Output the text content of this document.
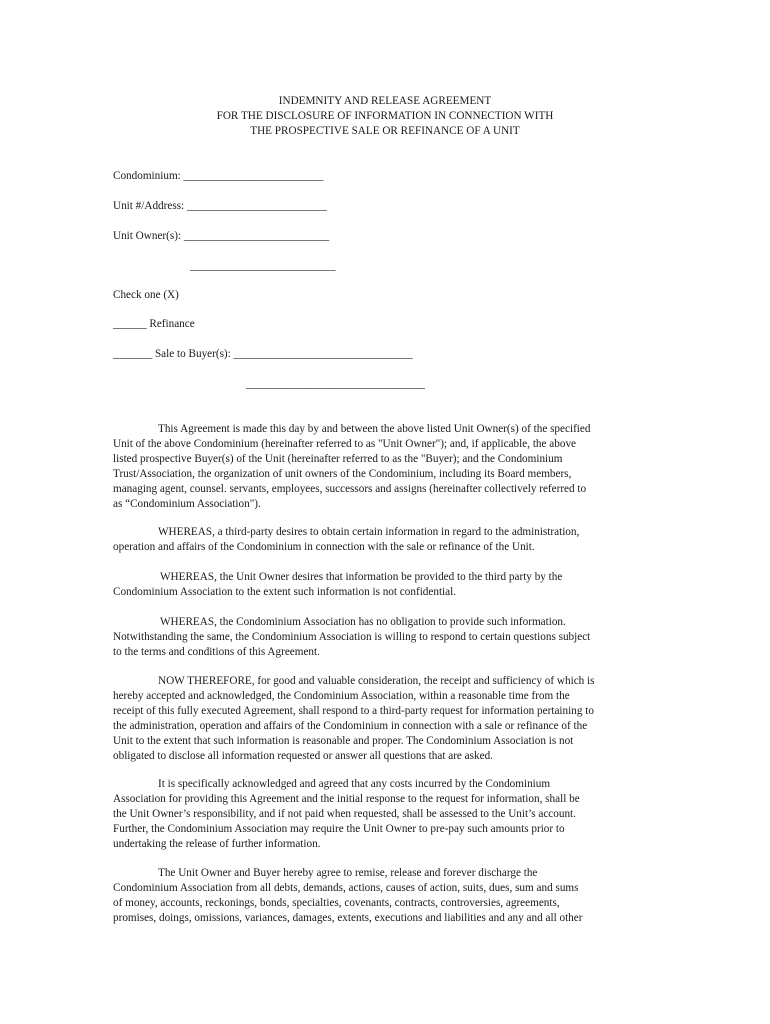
INDEMNITY AND RELEASE AGREEMENT
FOR THE DISCLOSURE OF INFORMATION IN CONNECTION WITH
THE PROSPECTIVE SALE OR REFINANCE OF A UNIT
Condominium: _________________________
Unit #/Address: _________________________
Unit Owner(s): __________________________
__________________________
Check one (X)
______ Refinance
_______ Sale to Buyer(s): ________________________________
________________________________
This Agreement is made this day by and between the above listed Unit Owner(s) of the specified
Unit of the above Condominium (hereinafter referred to as "Unit Owner"); and, if applicable, the above
listed prospective Buyer(s) of the Unit (hereinafter referred to as the "Buyer); and the Condominium
Trust/Association, the organization of unit owners of the Condominium, including its Board members,
managing agent, counsel. servants, employees, successors and assigns (hereinafter collectively referred to
as “Condominium Association").
WHEREAS, a third-party desires to obtain certain information in regard to the administration,
operation and affairs of the Condominium in connection with the sale or refinance of the Unit.
WHEREAS, the Unit Owner desires that information be provided to the third party by the
Condominium Association to the extent such information is not confidential.
WHEREAS, the Condominium Association has no obligation to provide such information.
Notwithstanding the same, the Condominium Association is willing to respond to certain questions subject
to the terms and conditions of this Agreement.
NOW THEREFORE, for good and valuable consideration, the receipt and sufficiency of which is
hereby accepted and acknowledged, the Condominium Association, within a reasonable time from the
receipt of this fully executed Agreement, shall respond to a third-party request for information pertaining to
the administration, operation and affairs of the Condominium in connection with a sale or refinance of the
Unit to the extent that such information is reasonable and proper. The Condominium Association is not
obligated to disclose all information requested or answer all questions that are asked.
It is specifically acknowledged and agreed that any costs incurred by the Condominium
Association for providing this Agreement and the initial response to the request for information, shall be
the Unit Owner’s responsibility, and if not paid when requested, shall be assessed to the Unit’s account.
Further, the Condominium Association may require the Unit Owner to pre-pay such amounts prior to
undertaking the release of further information.
The Unit Owner and Buyer hereby agree to remise, release and forever discharge the
Condominium Association from all debts, demands, actions, causes of action, suits, dues, sum and sums
of money, accounts, reckonings, bonds, specialties, covenants, contracts, controversies, agreements,
promises, doings, omissions, variances, damages, extents, executions and liabilities and any and all other
